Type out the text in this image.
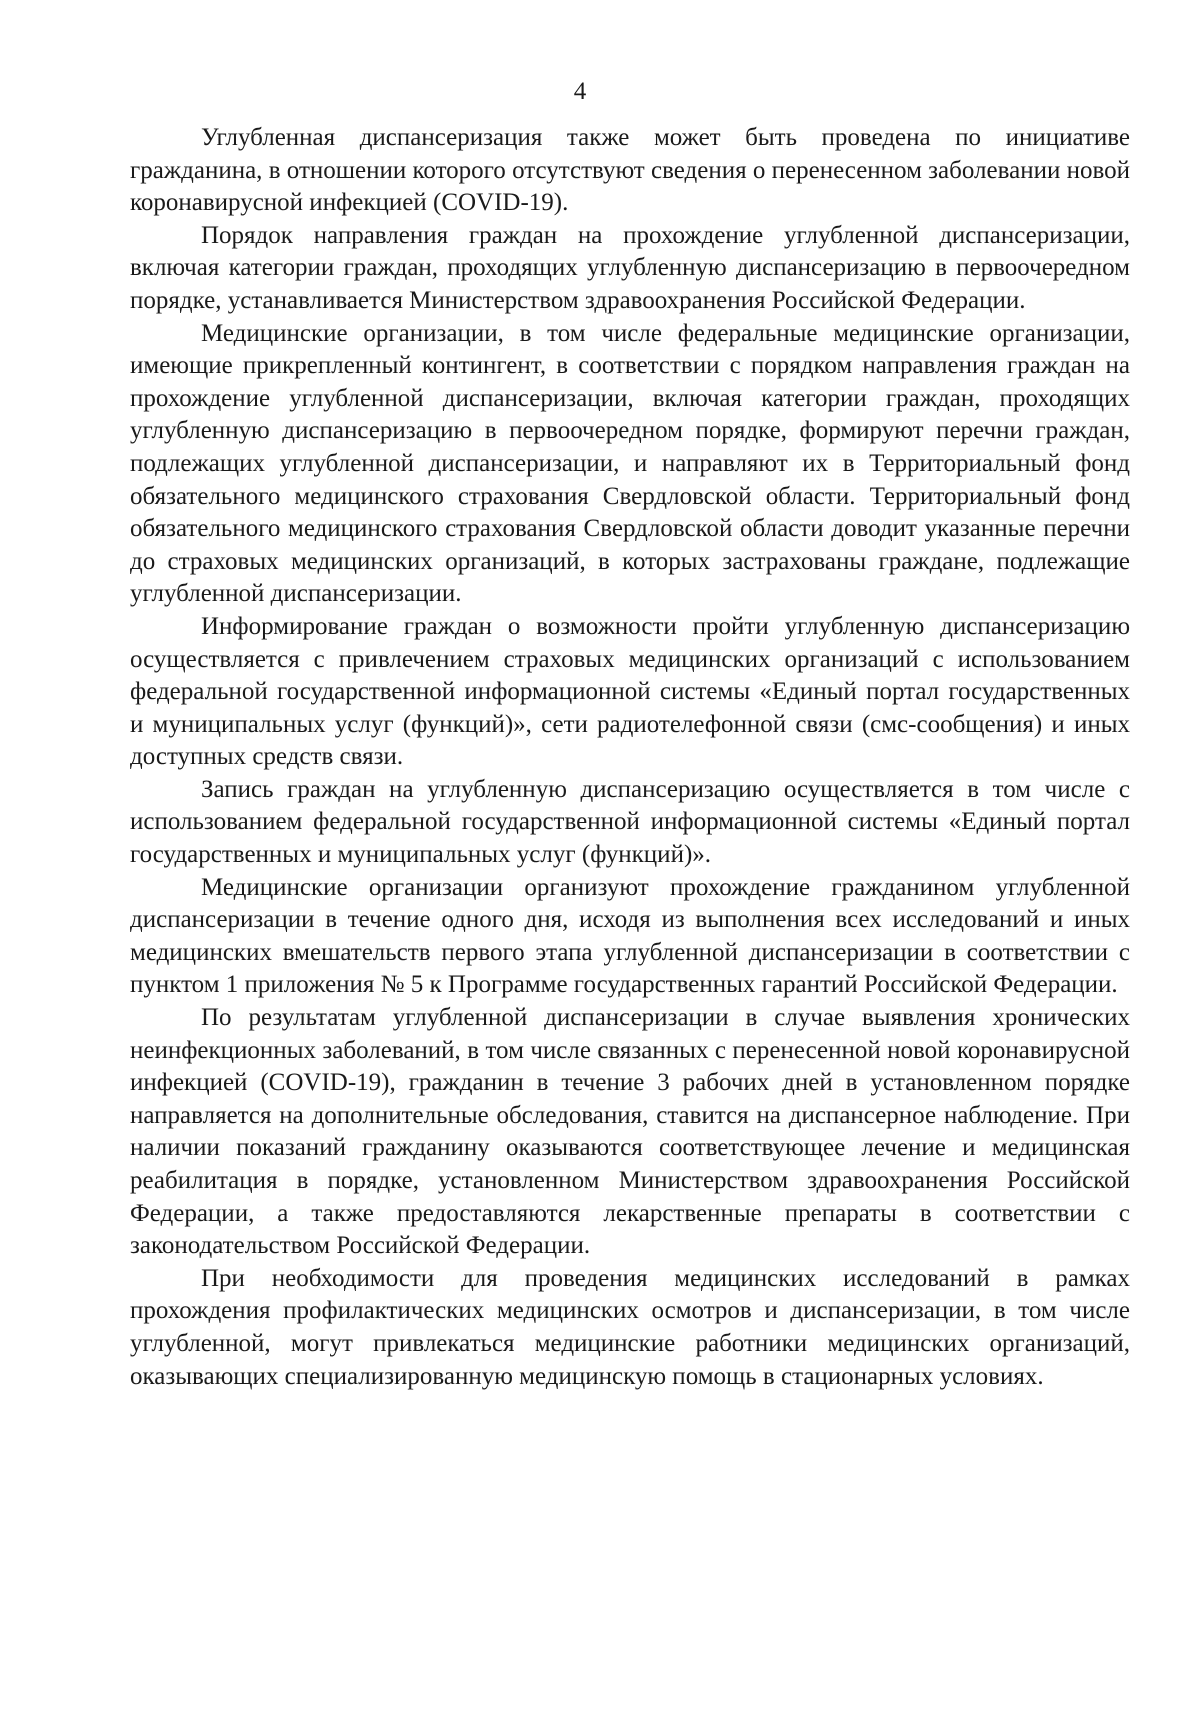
4

Углубленная диспансеризация также может быть проведена по инициативе гражданина, в отношении которого отсутствуют сведения о перенесенном заболевании новой коронавирусной инфекцией (COVID-19).

Порядок направления граждан на прохождение углубленной диспансеризации, включая категории граждан, проходящих углубленную диспансеризацию в первоочередном порядке, устанавливается Министерством здравоохранения Российской Федерации.

Медицинские организации, в том числе федеральные медицинские организации, имеющие прикрепленный контингент, в соответствии с порядком направления граждан на прохождение углубленной диспансеризации, включая категории граждан, проходящих углубленную диспансеризацию в первоочередном порядке, формируют перечни граждан, подлежащих углубленной диспансеризации, и направляют их в Территориальный фонд обязательного медицинского страхования Свердловской области. Территориальный фонд обязательного медицинского страхования Свердловской области доводит указанные перечни до страховых медицинских организаций, в которых застрахованы граждане, подлежащие углубленной диспансеризации.

Информирование граждан о возможности пройти углубленную диспансеризацию осуществляется с привлечением страховых медицинских организаций с использованием федеральной государственной информационной системы «Единый портал государственных и муниципальных услуг (функций)», сети радиотелефонной связи (смс-сообщения) и иных доступных средств связи.

Запись граждан на углубленную диспансеризацию осуществляется в том числе с использованием федеральной государственной информационной системы «Единый портал государственных и муниципальных услуг (функций)».

Медицинские организации организуют прохождение гражданином углубленной диспансеризации в течение одного дня, исходя из выполнения всех исследований и иных медицинских вмешательств первого этапа углубленной диспансеризации в соответствии с пунктом 1 приложения № 5 к Программе государственных гарантий Российской Федерации.

По результатам углубленной диспансеризации в случае выявления хронических неинфекционных заболеваний, в том числе связанных с перенесенной новой коронавирусной инфекцией (COVID-19), гражданин в течение 3 рабочих дней в установленном порядке направляется на дополнительные обследования, ставится на диспансерное наблюдение. При наличии показаний гражданину оказываются соответствующее лечение и медицинская реабилитация в порядке, установленном Министерством здравоохранения Российской Федерации, а также предоставляются лекарственные препараты в соответствии с законодательством Российской Федерации.

При необходимости для проведения медицинских исследований в рамках прохождения профилактических медицинских осмотров и диспансеризации, в том числе углубленной, могут привлекаться медицинские работники медицинских организаций, оказывающих специализированную медицинскую помощь в стационарных условиях.
